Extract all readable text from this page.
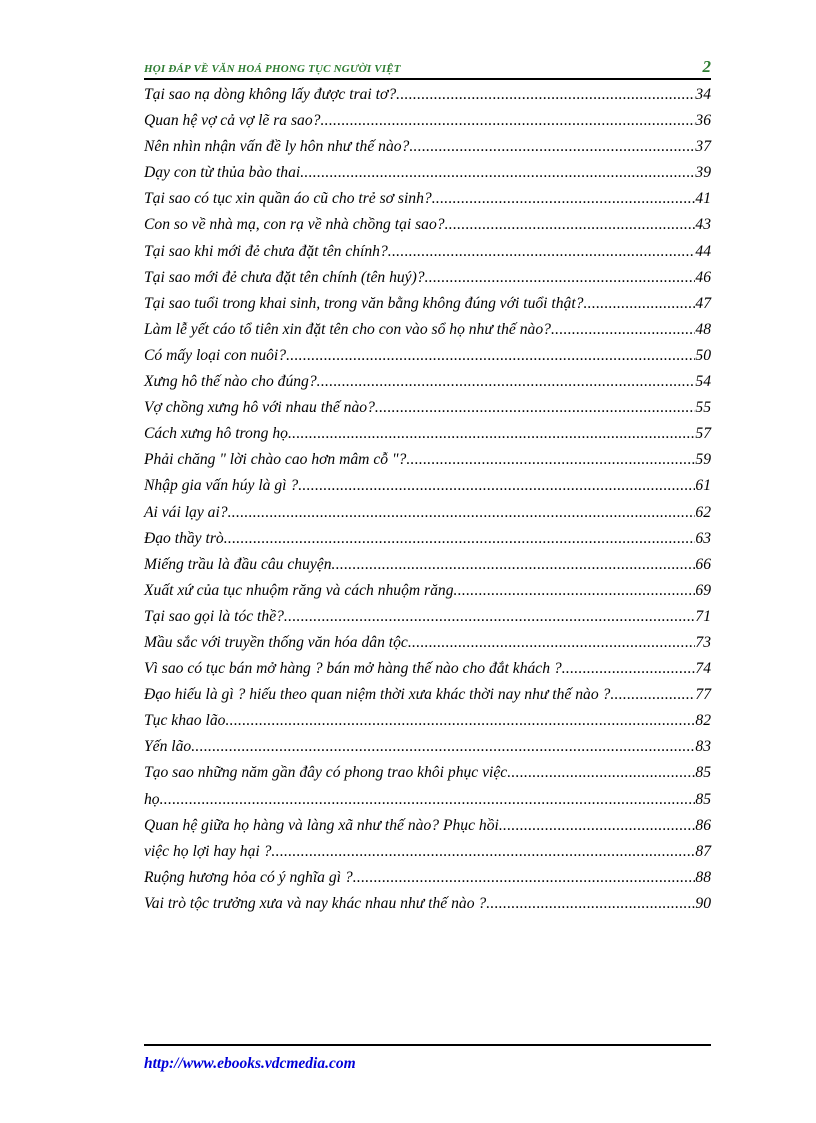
HỌI ĐÁP VỀ VĂN HOÁ PHONG TỤC NGƯỜI VIỆT	2
Tại sao nạ dòng không lấy được trai tơ? .....	34
Quan hệ vợ cả vợ lẽ ra sao? .....	36
Nên nhìn nhận vấn đề ly hôn như thế nào? .....	37
Dạy con từ thủa bào thai .....	39
Tại sao có tục xin quần áo cũ cho trẻ sơ sinh? .....	41
Con so về nhà mạ, con rạ về nhà chồng tại sao? .....	43
Tại sao khi mới đẻ chưa đặt tên chính? .....	44
Tại sao mới đẻ chưa đặt tên chính (tên huý)? .....	46
Tại sao tuổi trong khai sinh, trong văn bằng không đúng với tuổi thật? .....	47
Làm lễ yết cáo tổ tiên xin đặt tên cho con vào sổ họ như thế nào? .....	48
Có mấy loại con nuôi? .....	50
Xưng hô thế nào cho đúng? .....	54
Vợ chồng xưng hô với nhau thế nào? .....	55
Cách xưng hô trong họ .....	57
Phải chăng " lời chào cao hơn mâm cỗ "? .....	59
Nhập gia vấn húy là gì ? .....	61
Ai vái lạy ai? .....	62
Đạo thầy trò .....	63
Miếng trầu là đầu câu chuyện .....	66
Xuất xứ của tục nhuộm răng và cách nhuộm răng .....	69
Tại sao gọi là tóc thề? .....	71
Mầu sắc với truyền thống văn hóa dân tộc .....	73
Vì sao có tục bán mở hàng ? bán mở hàng thế nào cho đắt khách ? .....	74
Đạo hiếu là gì ? hiếu theo quan niệm thời xưa khác thời nay như thế nào ? .....	77
Tục khao lão .....	82
Yến lão .....	83
Tạo sao những năm gần đây có phong trao khôi phục việc .....	85
họ .....	85
Quan hệ giữa họ hàng và làng xã như thế nào? Phục hồi .....	86
việc họ lợi hay hại ? .....	87
Ruộng hương hỏa có ý nghĩa gì ? .....	88
Vai trò tộc trưởng xưa và nay khác nhau như thế nào ? .....	90
http://www.ebooks.vdcmedia.com
